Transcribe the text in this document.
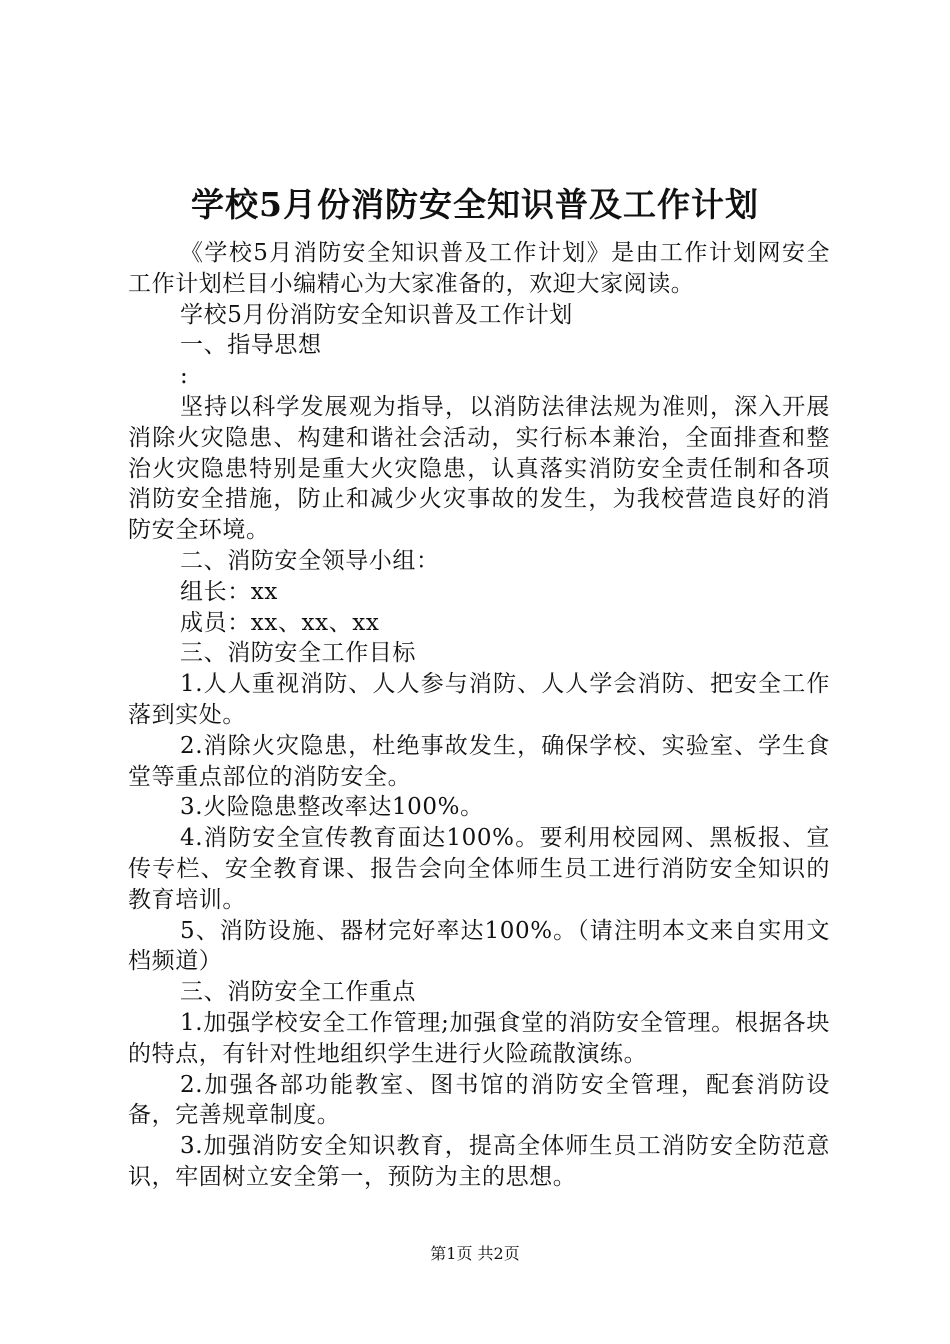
学校5月份消防安全知识普及工作计划

《学校5月消防安全知识普及工作计划》是由工作计划网安全工作计划栏目小编精心为大家准备的，欢迎大家阅读。

学校5月份消防安全知识普及工作计划

一、指导思想

:

坚持以科学发展观为指导，以消防法律法规为准则，深入开展消除火灾隐患、构建和谐社会活动，实行标本兼治，全面排查和整治火灾隐患特别是重大火灾隐患，认真落实消防安全责任制和各项消防安全措施，防止和减少火灾事故的发生，为我校营造良好的消防安全环境。

二、消防安全领导小组：

组长：xx

成员：xx、xx、xx

三、消防安全工作目标

1.人人重视消防、人人参与消防、人人学会消防、把安全工作落到实处。

2.消除火灾隐患，杜绝事故发生，确保学校、实验室、学生食堂等重点部位的消防安全。

3.火险隐患整改率达100%。

4.消防安全宣传教育面达100%。要利用校园网、黑板报、宣传专栏、安全教育课、报告会向全体师生员工进行消防安全知识的教育培训。

5、消防设施、器材完好率达100%。（请注明本文来自实用文档频道）

三、消防安全工作重点

1.加强学校安全工作管理;加强食堂的消防安全管理。根据各块的特点，有针对性地组织学生进行火险疏散演练。

2.加强各部功能教室、图书馆的消防安全管理，配套消防设备，完善规章制度。

3.加强消防安全知识教育，提高全体师生员工消防安全防范意识，牢固树立安全第一，预防为主的思想。

第1页 共2页
